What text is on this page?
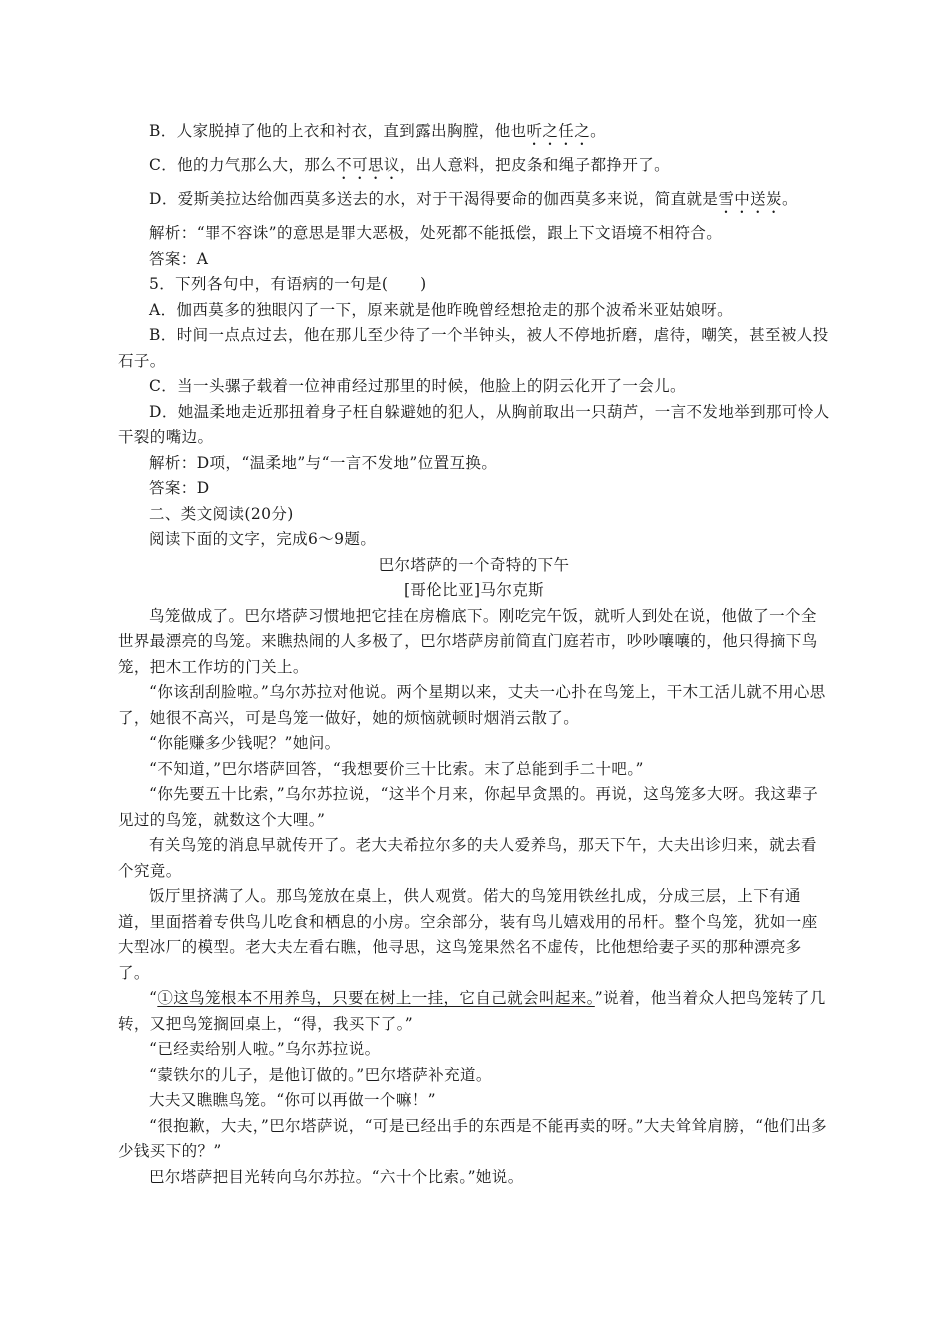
B．人家脱掉了他的上衣和衬衣，直到露出胸膛，他也听之任之。

C．他的力气那么大，那么不可思议，出人意料，把皮条和绳子都挣开了。

D．爱斯美拉达给伽西莫多送去的水，对于干渴得要命的伽西莫多来说，简直就是雪中送炭。

解析：“罪不容诛”的意思是罪大恶极，处死都不能抵偿，跟上下文语境不相符合。

答案：A

5．下列各句中，有语病的一句是(　　)

A．伽西莫多的独眼闪了一下，原来就是他昨晚曾经想抢走的那个波希米亚姑娘呀。

B．时间一点点过去，他在那儿至少待了一个半钟头，被人不停地折磨，虐待，嘲笑，甚至被人投石子。

C．当一头骡子载着一位神甫经过那里的时候，他脸上的阴云化开了一会儿。

D．她温柔地走近那扭着身子枉自躲避她的犯人，从胸前取出一只葫芦，一言不发地举到那可怜人干裂的嘴边。

解析：D项，“温柔地”与“一言不发地”位置互换。

答案：D

二、类文阅读(20分)

阅读下面的文字，完成6～9题。

巴尔塔萨的一个奇特的下午

[哥伦比亚]马尔克斯

鸟笼做成了。巴尔塔萨习惯地把它挂在房檐底下。刚吃完午饭，就听人到处在说，他做了一个全世界最漂亮的鸟笼。来瞧热闹的人多极了，巴尔塔萨房前简直门庭若市，吵吵嚷嚷的，他只得摘下鸟笼，把木工作坊的门关上。

“你该刮刮脸啦。”乌尔苏拉对他说。两个星期以来，丈夫一心扑在鸟笼上，干木工活儿就不用心思了，她很不高兴，可是鸟笼一做好，她的烦恼就顿时烟消云散了。

“你能赚多少钱呢？”她问。

“不知道，”巴尔塔萨回答，“我想要价三十比索。末了总能到手二十吧。”

“你先要五十比索，”乌尔苏拉说，“这半个月来，你起早贪黑的。再说，这鸟笼多大呀。我这辈子见过的鸟笼，就数这个大哩。”

有关鸟笼的消息早就传开了。老大夫希拉尔多的夫人爱养鸟，那天下午，大夫出诊归来，就去看个究竟。

饭厅里挤满了人。那鸟笼放在桌上，供人观赏。偌大的鸟笼用铁丝扎成，分成三层，上下有通道，里面搭着专供鸟儿吃食和栖息的小房。空余部分，装有鸟儿嬉戏用的吊杆。整个鸟笼，犹如一座大型冰厂的模型。老大夫左看右瞧，他寻思，这鸟笼果然名不虚传，比他想给妻子买的那种漂亮多了。

“①这鸟笼根本不用养鸟，只要在树上一挂，它自己就会叫起来。”说着，他当着众人把鸟笼转了几转，又把鸟笼搁回桌上，“得，我买下了。”

“已经卖给别人啦。”乌尔苏拉说。

“蒙铁尔的儿子，是他订做的。”巴尔塔萨补充道。

大夫又瞧瞧鸟笼。“你可以再做一个嘛！”

“很抱歉，大夫，”巴尔塔萨说，“可是已经出手的东西是不能再卖的呀。”大夫耸耸肩膀，“他们出多少钱买下的？”

巴尔塔萨把目光转向乌尔苏拉。“六十个比索。”她说。
